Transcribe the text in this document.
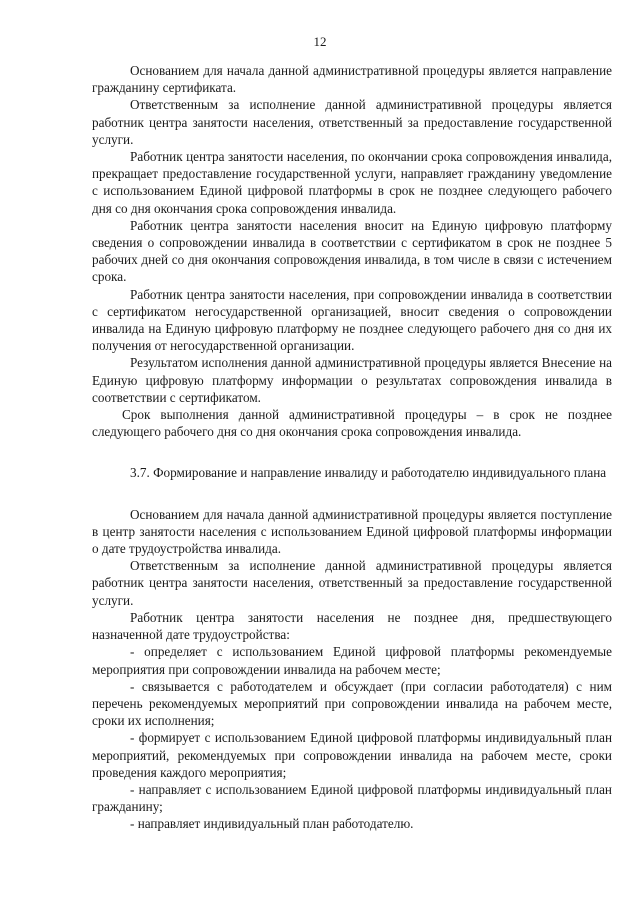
12

Основанием для начала данной административной процедуры является направление гражданину сертификата.

Ответственным за исполнение данной административной процедуры является работник центра занятости населения, ответственный за предоставление государственной услуги.

Работник центра занятости населения, по окончании срока сопровождения инвалида, прекращает предоставление государственной услуги, направляет гражданину уведомление с использованием Единой цифровой платформы в срок не позднее следующего рабочего дня со дня окончания срока сопровождения инвалида.

Работник центра занятости населения вносит на Единую цифровую платформу сведения о сопровождении инвалида в соответствии с сертификатом в срок не позднее 5 рабочих дней со дня окончания сопровождения инвалида, в том числе в связи с истечением срока.

Работник центра занятости населения, при сопровождении инвалида в соответствии с сертификатом негосударственной организацией, вносит сведения о сопровождении инвалида на Единую цифровую платформу не позднее следующего рабочего дня со дня их получения от негосударственной организации.

Результатом исполнения данной административной процедуры является Внесение на Единую цифровую платформу информации о результатах сопровождения инвалида в соответствии с сертификатом.

Срок выполнения данной административной процедуры – в срок не позднее следующего рабочего дня со дня окончания срока сопровождения инвалида.

3.7. Формирование и направление инвалиду и работодателю индивидуального плана

Основанием для начала данной административной процедуры является поступление в центр занятости населения с использованием Единой цифровой платформы информации о дате трудоустройства инвалида.

Ответственным за исполнение данной административной процедуры является работник центра занятости населения, ответственный за предоставление государственной услуги.

Работник центра занятости населения не позднее дня, предшествующего назначенной дате трудоустройства:

- определяет с использованием Единой цифровой платформы рекомендуемые мероприятия при сопровождении инвалида на рабочем месте;

- связывается с работодателем и обсуждает (при согласии работодателя) с ним перечень рекомендуемых мероприятий при сопровождении инвалида на рабочем месте, сроки их исполнения;

- формирует с использованием Единой цифровой платформы индивидуальный план мероприятий, рекомендуемых при сопровождении инвалида на рабочем месте, сроки проведения каждого мероприятия;

- направляет с использованием Единой цифровой платформы индивидуальный план гражданину;

- направляет индивидуальный план работодателю.
